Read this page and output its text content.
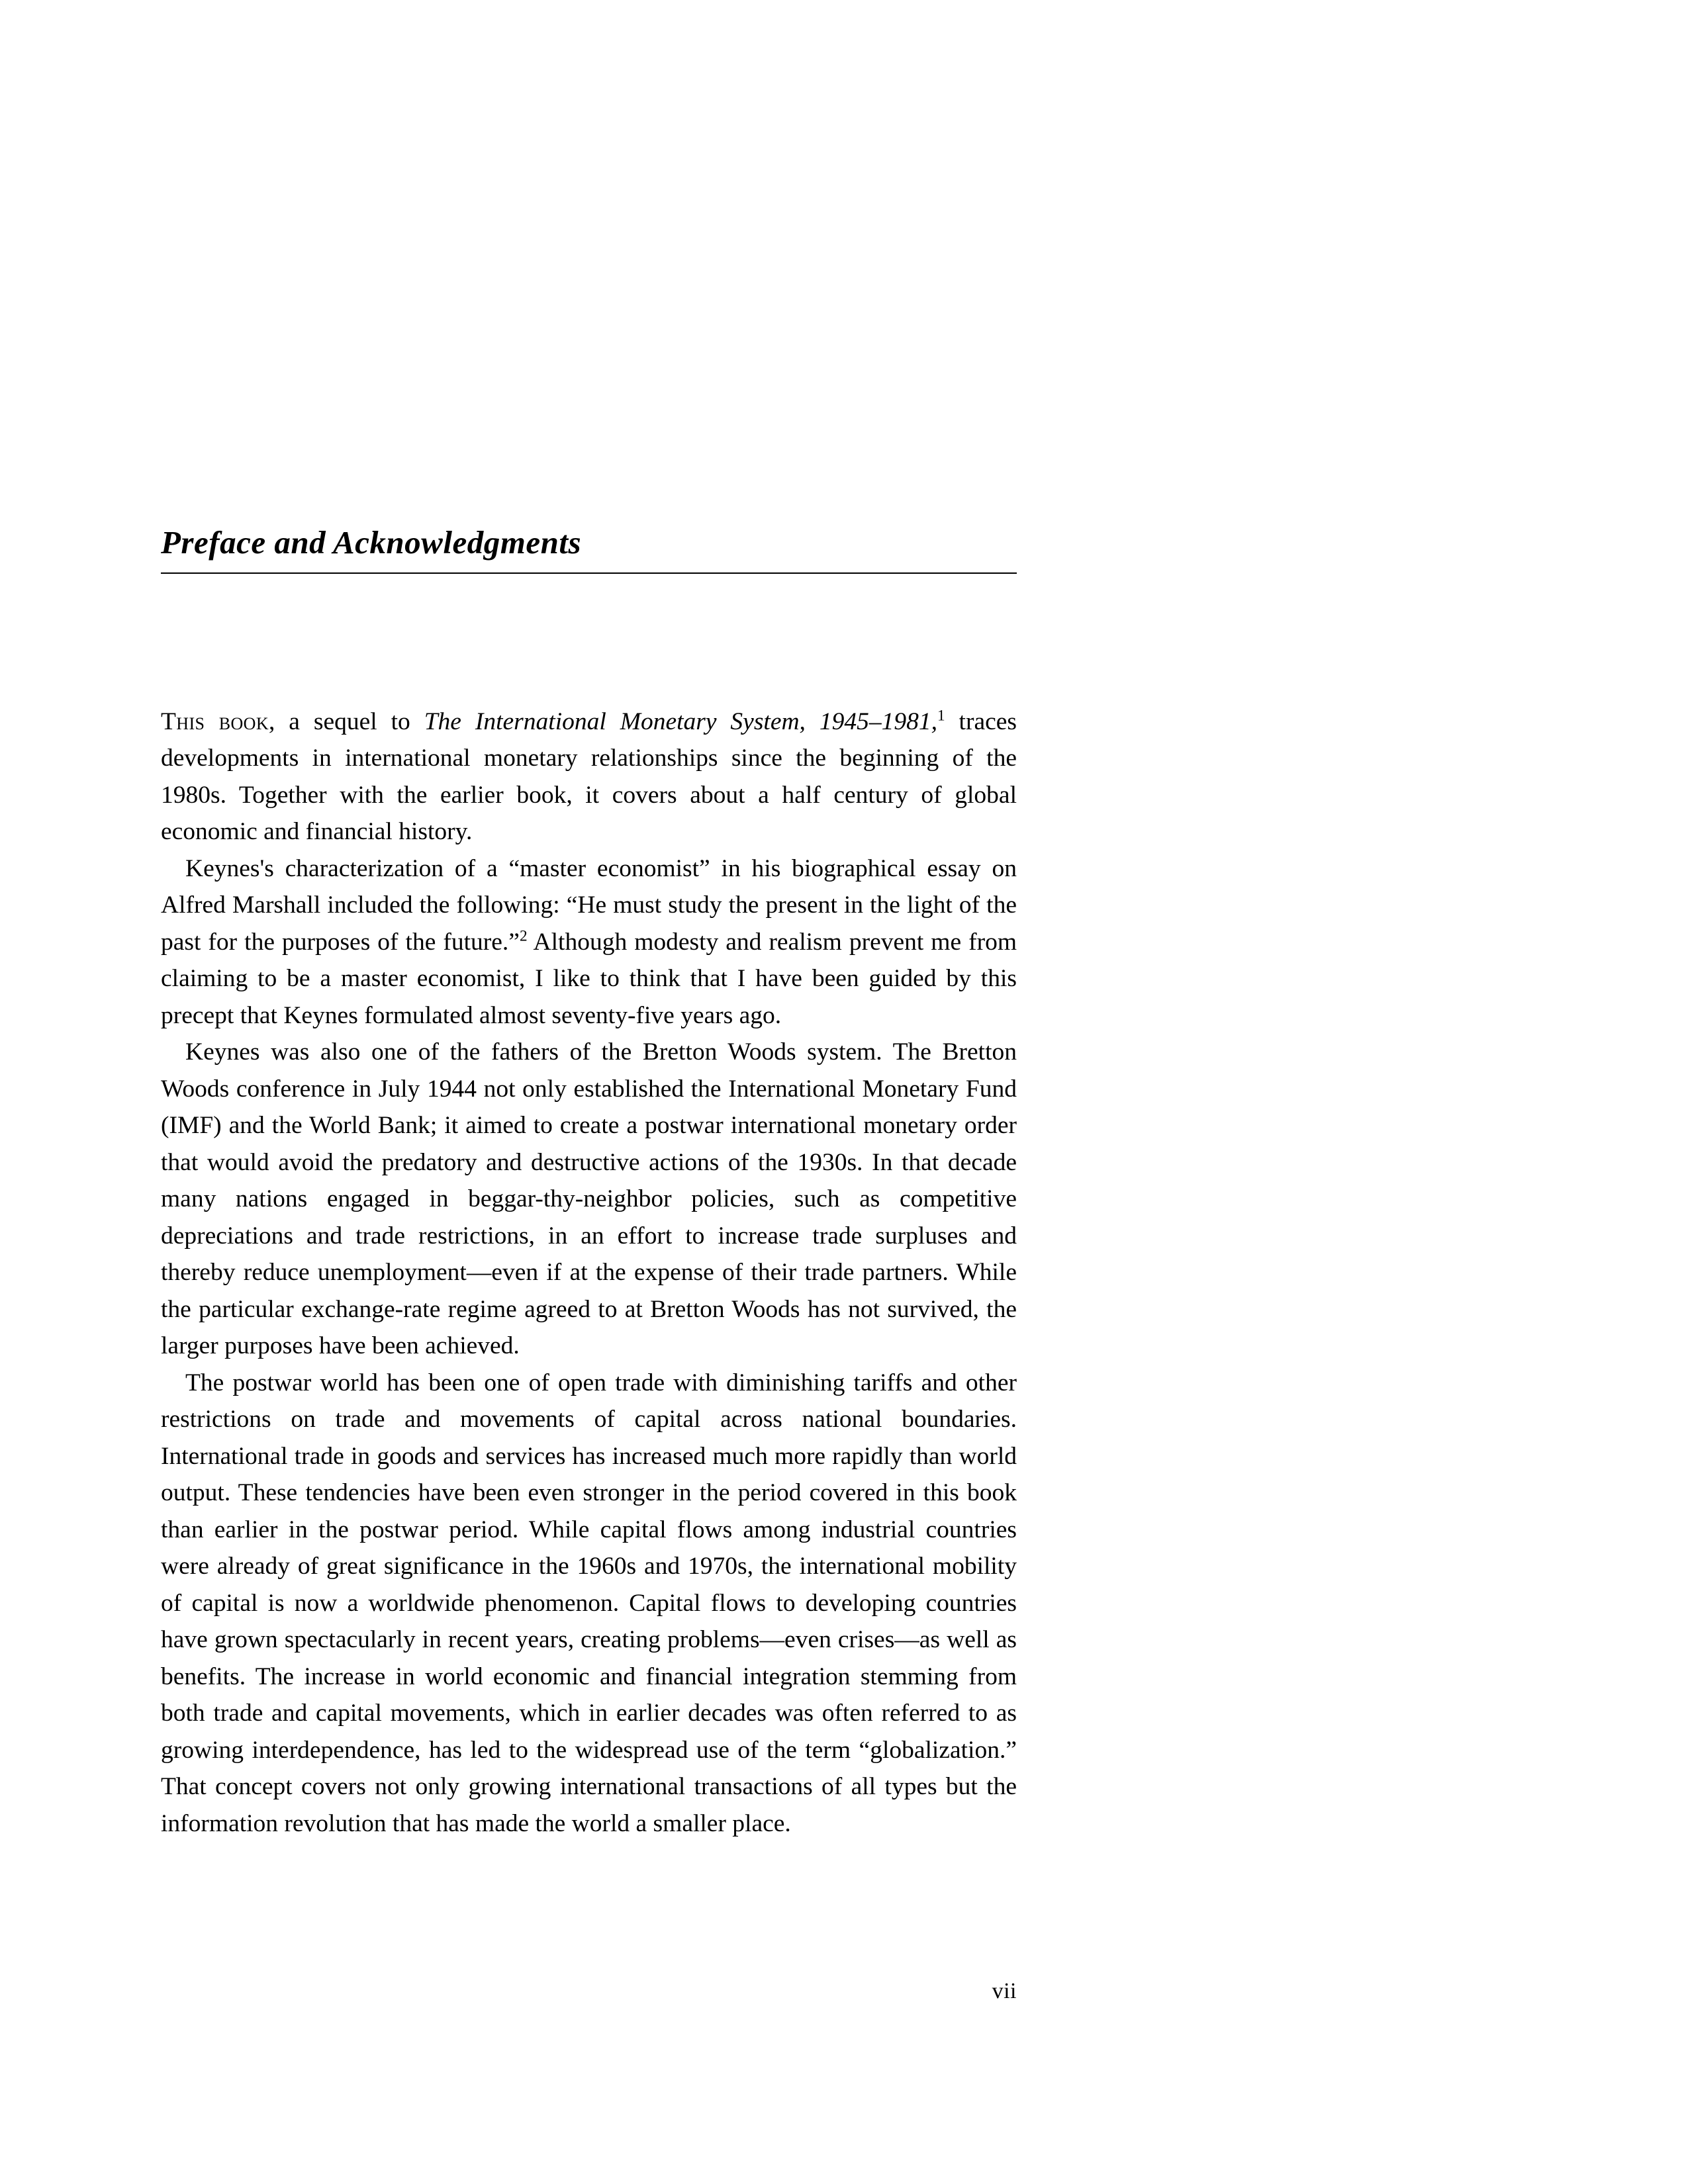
Preface and Acknowledgments

This book, a sequel to The International Monetary System, 1945–1981,$^1$ traces developments in international monetary relationships since the beginning of the 1980s. Together with the earlier book, it covers about a half century of global economic and financial history.

Keynes's characterization of a “master economist” in his biographical essay on Alfred Marshall included the following: “He must study the present in the light of the past for the purposes of the future.”$^2$ Although modesty and realism prevent me from claiming to be a master economist, I like to think that I have been guided by this precept that Keynes formulated almost seventy-five years ago.

Keynes was also one of the fathers of the Bretton Woods system. The Bretton Woods conference in July 1944 not only established the International Monetary Fund (IMF) and the World Bank; it aimed to create a postwar international monetary order that would avoid the predatory and destructive actions of the 1930s. In that decade many nations engaged in beggar-thy-neighbor policies, such as competitive depreciations and trade restrictions, in an effort to increase trade surpluses and thereby reduce unemployment—even if at the expense of their trade partners. While the particular exchange-rate regime agreed to at Bretton Woods has not survived, the larger purposes have been achieved.

The postwar world has been one of open trade with diminishing tariffs and other restrictions on trade and movements of capital across national boundaries. International trade in goods and services has increased much more rapidly than world output. These tendencies have been even stronger in the period covered in this book than earlier in the postwar period. While capital flows among industrial countries were already of great significance in the 1960s and 1970s, the international mobility of capital is now a worldwide phenomenon. Capital flows to developing countries have grown spectacularly in recent years, creating problems—even crises—as well as benefits. The increase in world economic and financial integration stemming from both trade and capital movements, which in earlier decades was often referred to as growing interdependence, has led to the widespread use of the term “globalization.” That concept covers not only growing international transactions of all types but the information revolution that has made the world a smaller place.

vii
